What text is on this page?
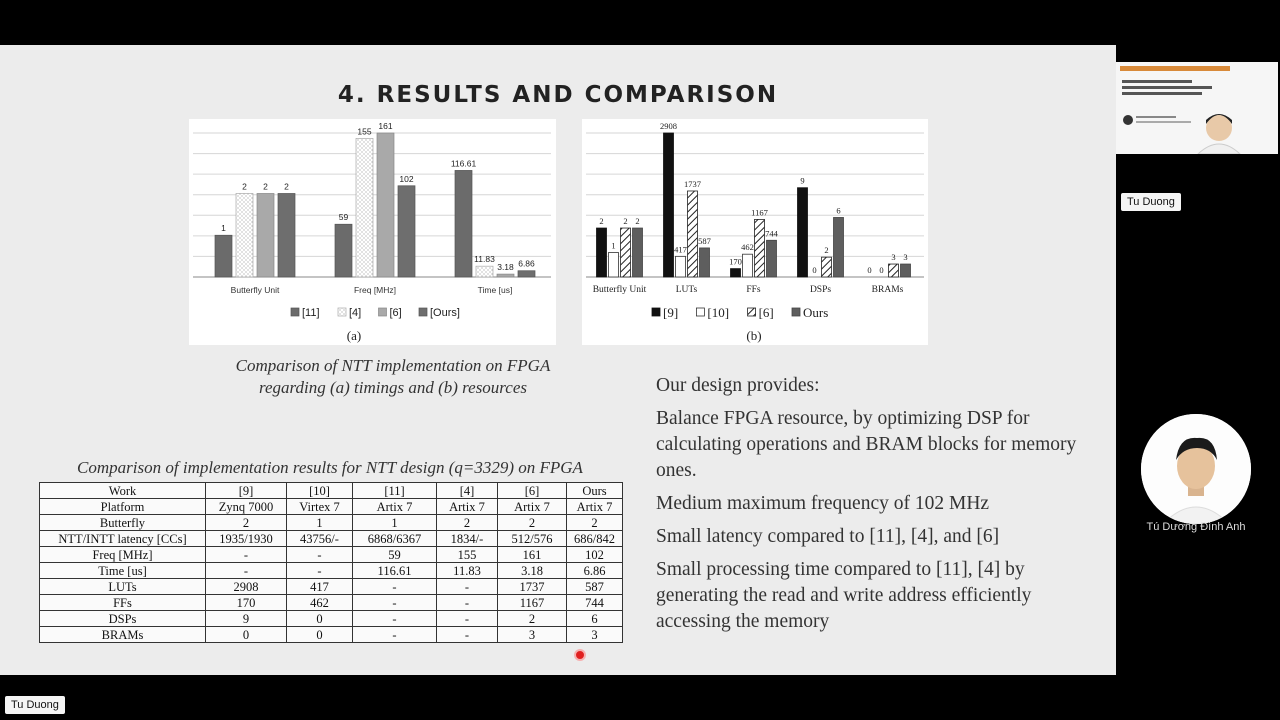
4. RESULTS AND COMPARISON
1
2 2 2
Butterfly Unit
59
155
161
102
Freq [MHz]
116.61
11.83
3.18 6.86
Time [us]
[11]	[4]	[6]	[Ours]
(a)
2
1
2 2
Butterfly Unit
2908
417
1737
587
LUTs
170
462
1167
744
FFs
9
0
2
6
DSPs
0 0
3 3
BRAMs
[9] [10] [6] Ours
(b)
Comparison of NTT implementation on FPGA
regarding (a) timings and (b) resources
Comparison of implementation results for NTT design (q=3329) on FPGA
Work	[9]	[10]	[11]	[4]	[6]	Ours
Platform	Zynq 7000	Virtex 7	Artix 7	Artix 7	Artix 7	Artix 7
Butterfly	2	1	1	2	2	2
NTT/INTT latency [CCs]	1935/1930	43756/-	6868/6367	1834/-	512/576	686/842
Freq [MHz]	-	-	59	155	161	102
Time [us]	-	-	116.61	11.83	3.18	6.86
LUTs	2908	417	-	-	1737	587
FFs	170	462	-	-	1167	744
DSPs	9	0	-	-	2	6
BRAMs	0	0	-	-	3	3

Our design provides:

Balance FPGA resource, by optimizing DSP for calculating operations and BRAM blocks for memory ones.

Medium maximum frequency of 102 MHz

Small latency compared to [11], [4], and [6]

Small processing time compared to [11], [4] by generating the read and write address efficiently accessing the memory

Tu Duong
Tú Dương Đình Anh
Tu Duong
